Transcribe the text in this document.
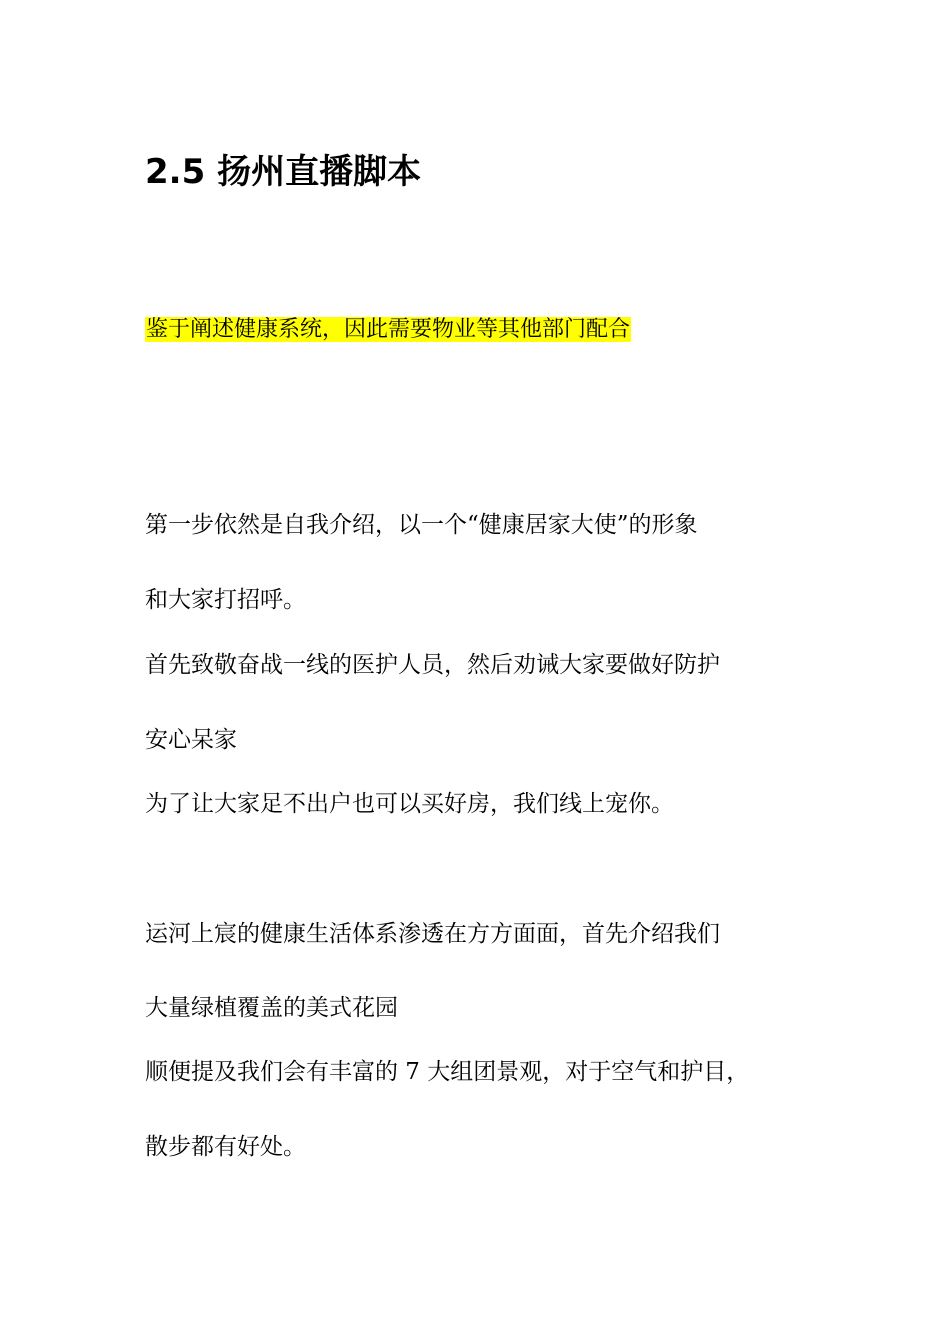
2.5 扬州直播脚本

鉴于阐述健康系统，因此需要物业等其他部门配合

第一步依然是自我介绍，以一个“健康居家大使”的形象

和大家打招呼。

首先致敬奋战一线的医护人员，然后劝诫大家要做好防护

安心呆家

为了让大家足不出户也可以买好房，我们线上宠你。

运河上宸的健康生活体系渗透在方方面面，首先介绍我们

大量绿植覆盖的美式花园

顺便提及我们会有丰富的 7 大组团景观，对于空气和护目，

散步都有好处。
